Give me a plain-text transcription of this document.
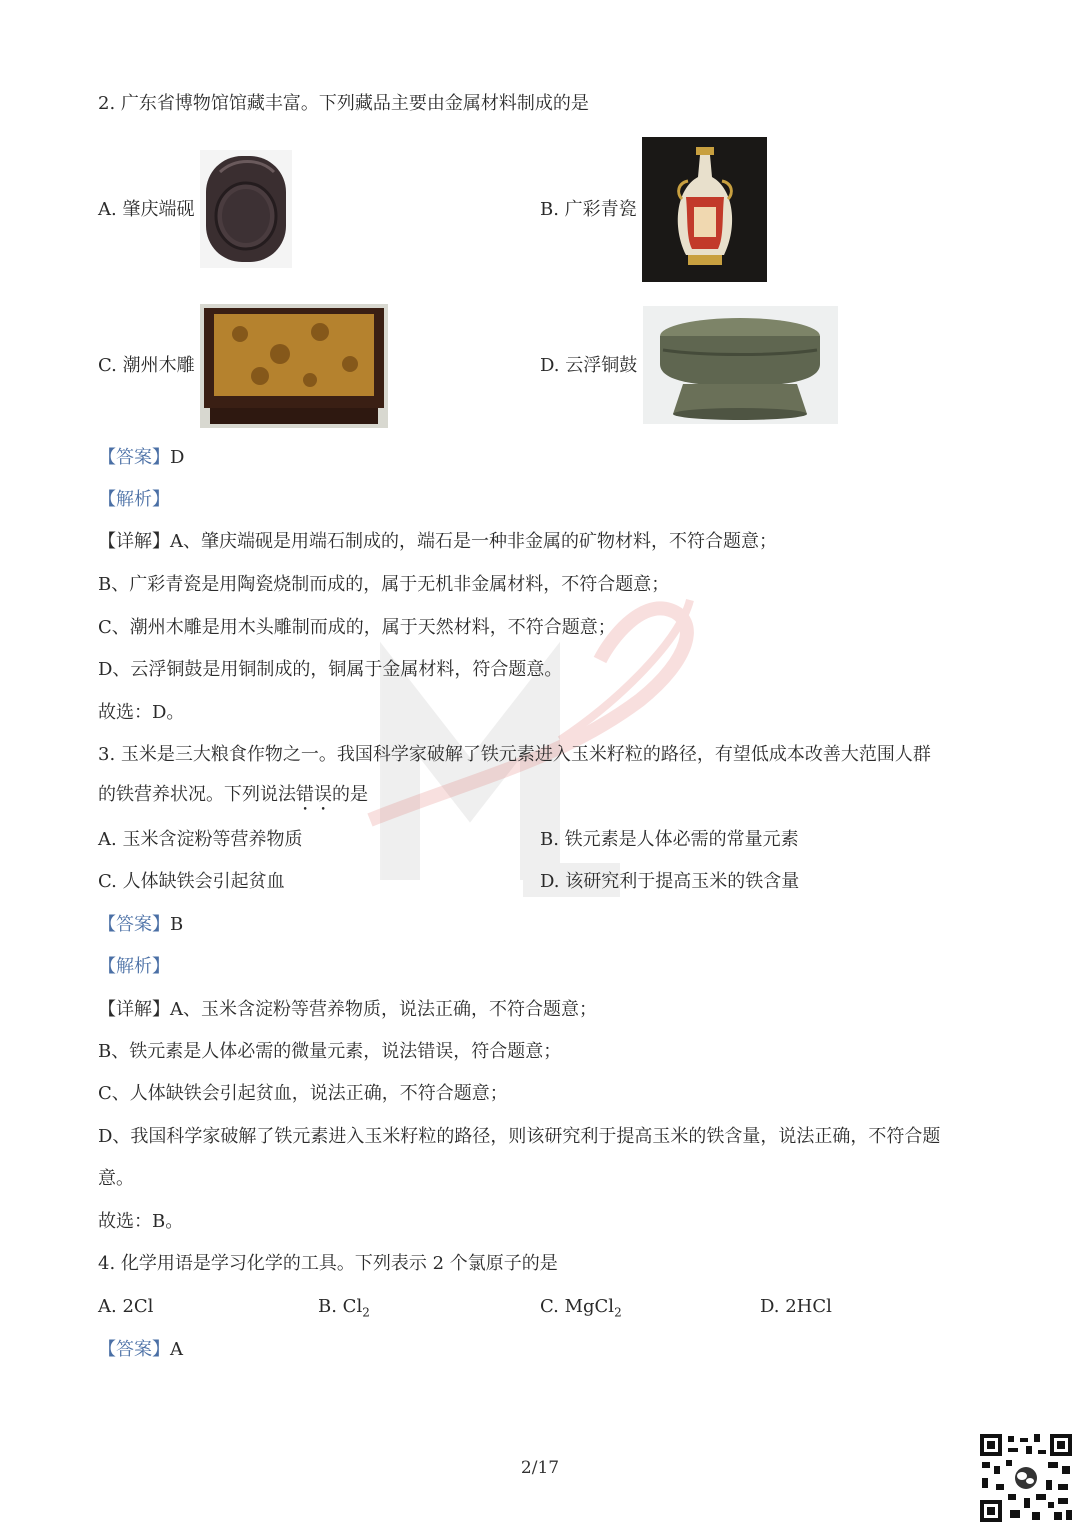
2. 广东省博物馆馆藏丰富。下列藏品主要由金属材料制成的是
A. 肇庆端砚	B. 广彩青瓷
C. 潮州木雕	D. 云浮铜鼓
【答案】D
【解析】
【详解】A、肇庆端砚是用端石制成的，端石是一种非金属的矿物材料，不符合题意；
B、广彩青瓷是用陶瓷烧制而成的，属于无机非金属材料，不符合题意；
C、潮州木雕是用木头雕制而成的，属于天然材料，不符合题意；
D、云浮铜鼓是用铜制成的，铜属于金属材料，符合题意。
故选：D。
3. 玉米是三大粮食作物之一。我国科学家破解了铁元素进入玉米籽粒的路径，有望低成本改善大范围人群
的铁营养状况。下列说法错误的是
A. 玉米含淀粉等营养物质	B. 铁元素是人体必需的常量元素
C. 人体缺铁会引起贫血	D. 该研究利于提高玉米的铁含量
【答案】B
【解析】
【详解】A、玉米含淀粉等营养物质，说法正确，不符合题意；
B、铁元素是人体必需的微量元素，说法错误，符合题意；
C、人体缺铁会引起贫血，说法正确，不符合题意；
D、我国科学家破解了铁元素进入玉米籽粒的路径，则该研究利于提高玉米的铁含量，说法正确，不符合题
意。
故选：B。
4. 化学用语是学习化学的工具。下列表示 2 个氯原子的是
A. 2Cl	B. $Cl_2$	C. MgCl$_2$	D. 2HCl
【答案】A
2/17
